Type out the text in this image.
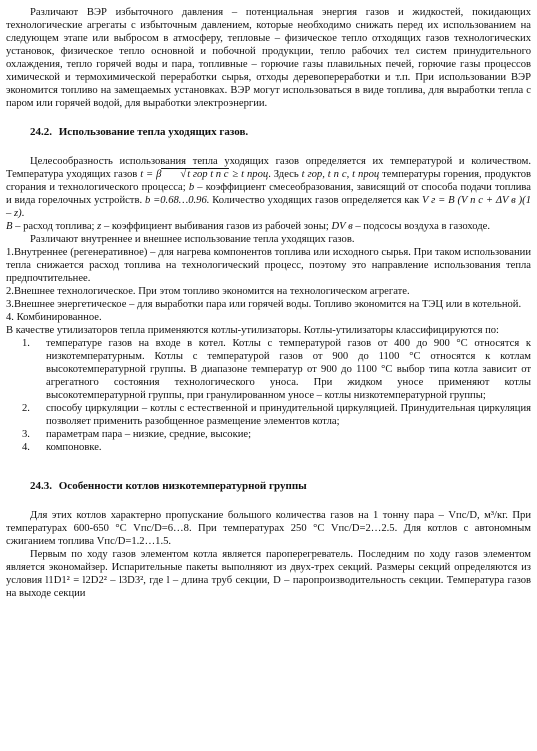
Различают ВЭР избыточного давления – потенциальная энергия газов и жидкостей, покидающих технологические агрегаты с избыточным давлением, которые необходимо снижать перед их использованием на следующем этапе или выбросом в атмосферу, тепловые – физическое тепло отходящих газов технологических установок, физическое тепло основной и побочной продукции, тепло рабочих тел систем принудительного охлаждения, тепло горячей воды и пара, топливные – горючие газы плавильных печей, горючие газы процессов химической и термохимической переработки сырья, отходы деревопереработки и т.п. При использовании ВЭР экономится топливо на замещаемых установках. ВЭР могут использоваться в виде топлива, для выработки тепла с паром или горячей водой, для выработки электроэнергии.

24.2. Использование тепла уходящих газов.

Целесообразность использования тепла уходящих газов определяется их температурой и количеством. Температура уходящих газов t = β√ t гор t п с ≥ t проц. Здесь t гор, t п с, t проц температуры горения, продуктов сгорания и технологического процесса; b – коэффициент смесеобразования, зависящий от способа подачи топлива и вида горелочных устройств. b =0.68…0.96. Количество уходящих газов определяется как V г = B (V п с + ΔV в )(1 – z).

B – расход топлива; z – коэффициент выбивания газов из рабочей зоны; DV в – подсосы воздуха в газоходе.

Различают внутреннее и внешнее использование тепла уходящих газов.

1.Внутреннее (регенеративное) – для нагрева компонентов топлива или исходного сырья. При таком использовании тепла снижается расход топлива на технологический процесс, поэтому это направление использования тепла предпочтительнее.

2.Внешнее технологическое. При этом топливо экономится на технологическом агрегате.

3.Внешнее энергетическое – для выработки пара или горячей воды. Топливо экономится на ТЭЦ или в котельной.

4. Комбинированное.

В качестве утилизаторов тепла применяются котлы-утилизаторы. Котлы-утилизаторы классифицируются по:

1. температуре газов на входе в котел. Котлы с температурой газов от 400 до 900 °С относятся к низкотемпературным. Котлы с температурой газов от 900 до 1100 °С относятся к котлам высокотемпературной группы. В диапазоне температур от 900 до 1100 °С выбор типа котла зависит от агрегатного состояния технологического уноса. При жидком уносе применяют котлы высокотемпературной группы, при гранулированном уносе – котлы низкотемпературной группы;
2. способу циркуляции – котлы с естественной и принудительной циркуляцией. Принудительная циркуляция позволяет применить разобщенное размещение элементов котла;
3. параметрам пара – низкие, средние, высокие;
4. компоновке.
24.3. Особенности котлов низкотемпературной группы

Для этих котлов характерно пропускание большого количества газов на 1 тонну пара – Vпс/D, м³/кг. При температурах 600-650 °С Vпс/D=6…8. При температурах 250 °С Vпс/D=2…2.5. Для котлов с автономным сжиганием топлива Vпс/D=1.2…1.5.

Первым по ходу газов элементом котла является пароперегреватель. Последним по ходу газов элементом является экономайзер. Испарительные пакеты выполняют из двух-трех секций. Размеры секций определяются из условия l1D1² = l2D2² – l3D3², где l – длина труб секции, D – паропроизводительность секции. Температура газов на выходе секции
